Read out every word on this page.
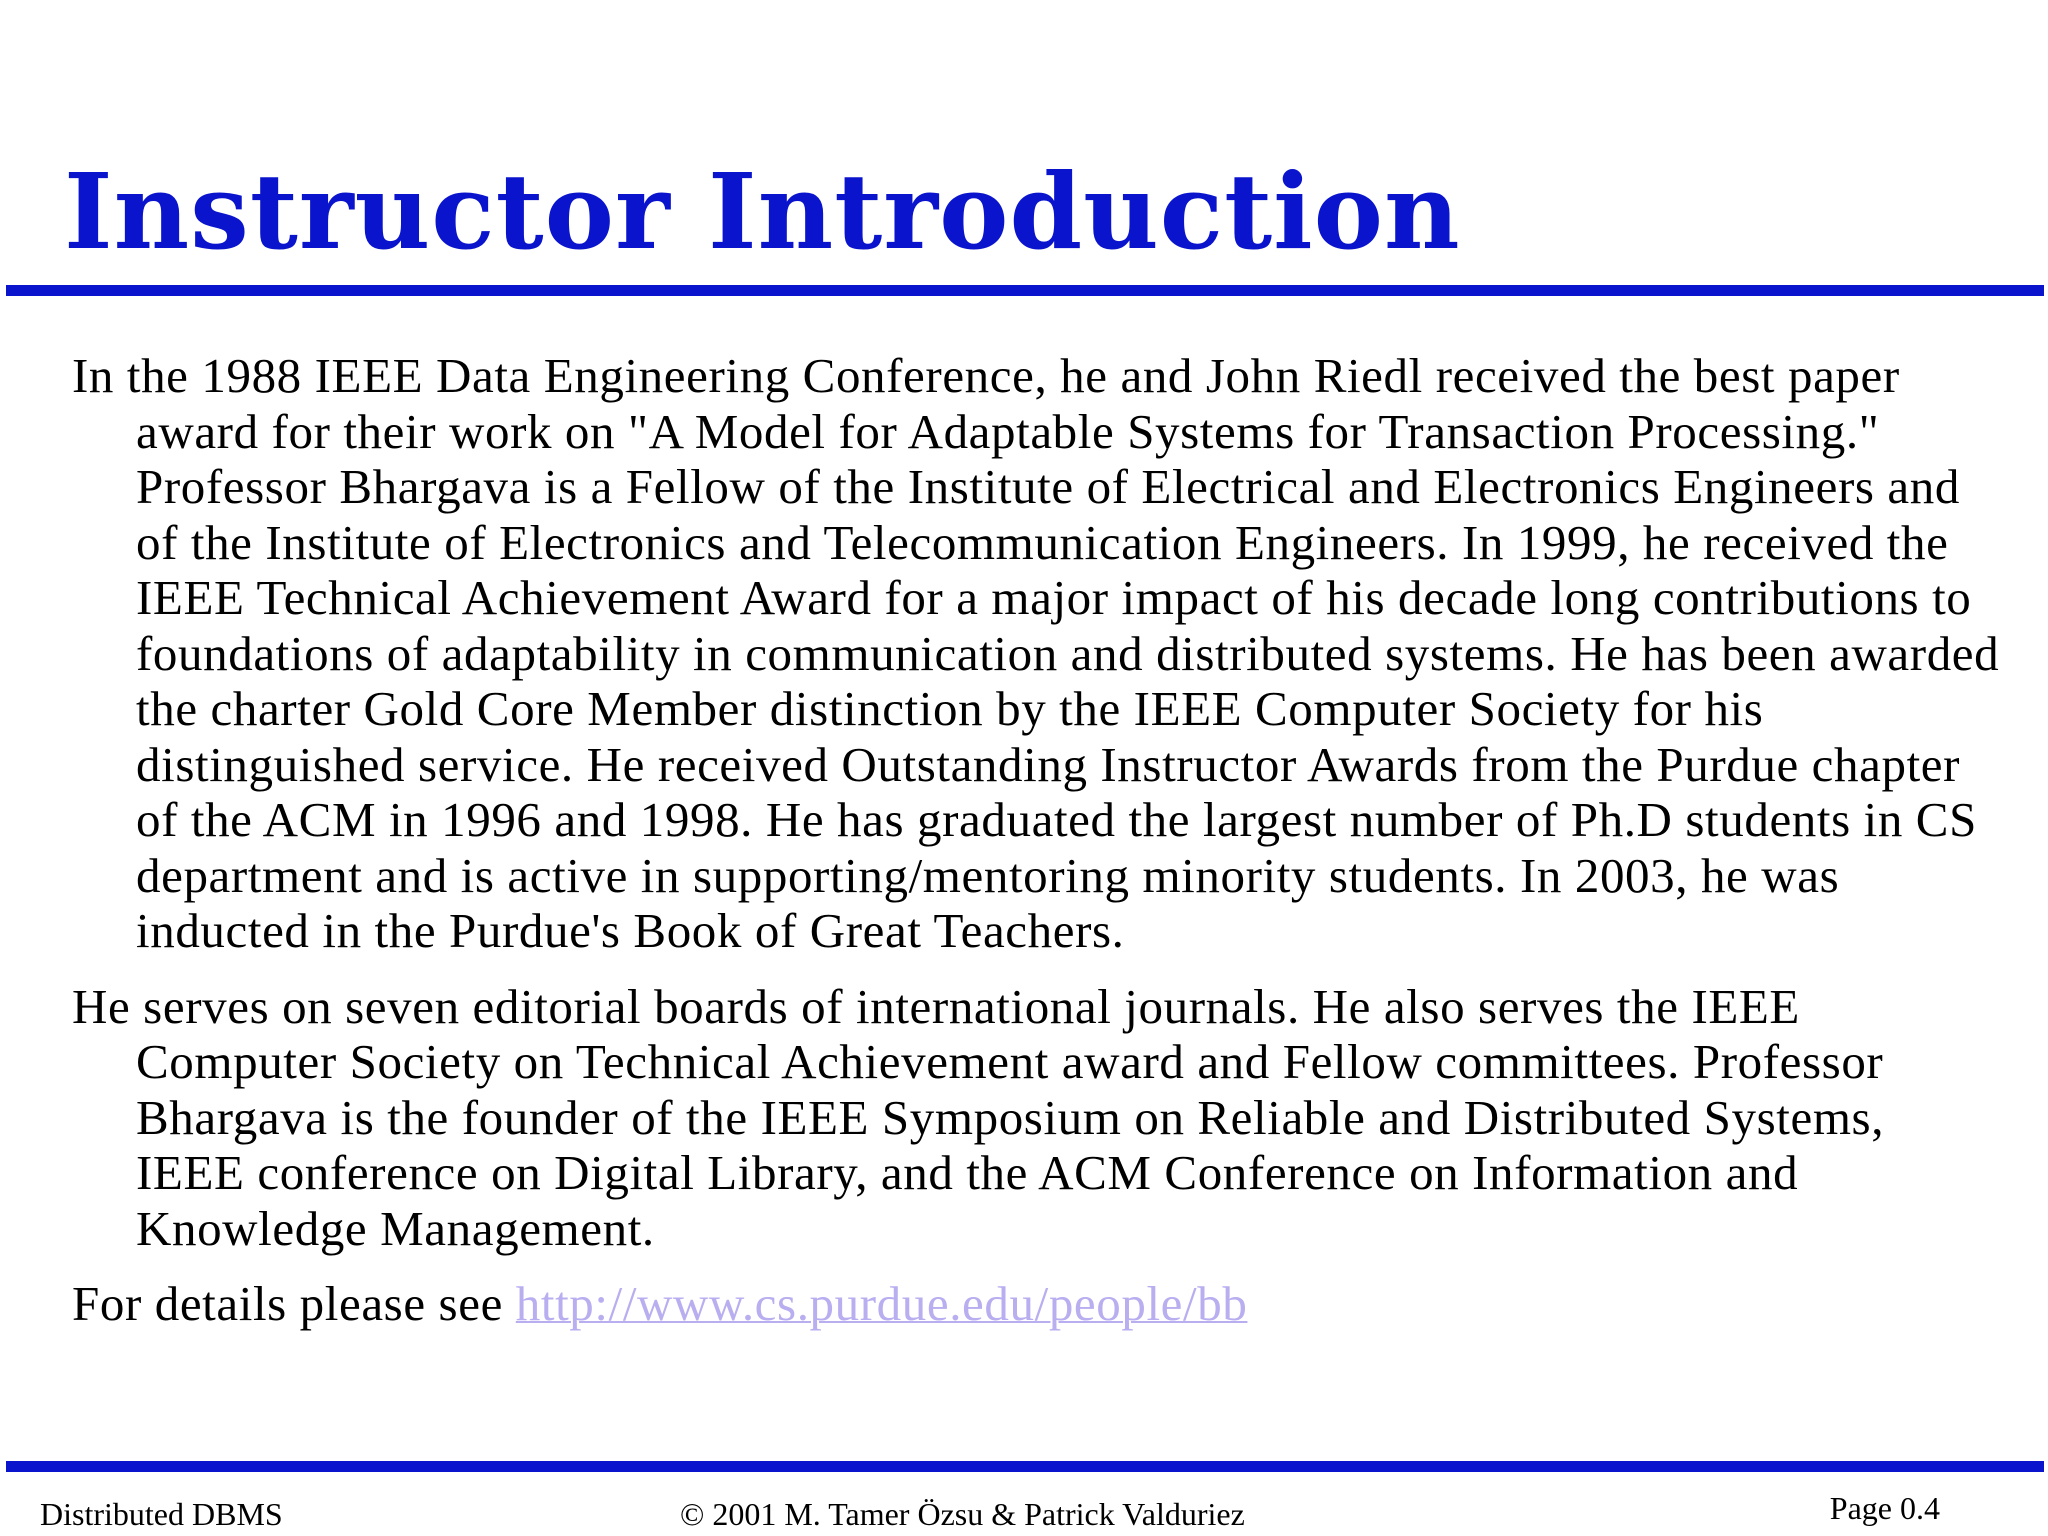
Instructor Introduction

In the 1988 IEEE Data Engineering Conference, he and John Riedl received the best paper award for their work on "A Model for Adaptable Systems for Transaction Processing." Professor Bhargava is a Fellow of the Institute of Electrical and Electronics Engineers and of the Institute of Electronics and Telecommunication Engineers. In 1999, he received the IEEE Technical Achievement Award for a major impact of his decade long contributions to foundations of adaptability in communication and distributed systems. He has been awarded the charter Gold Core Member distinction by the IEEE Computer Society for his distinguished service. He received Outstanding Instructor Awards from the Purdue chapter of the ACM in 1996 and 1998. He has graduated the largest number of Ph.D students in CS department and is active in supporting/mentoring minority students. In 2003, he was inducted in the Purdue's Book of Great Teachers.

He serves on seven editorial boards of international journals. He also serves the IEEE Computer Society on Technical Achievement award and Fellow committees. Professor Bhargava is the founder of the IEEE Symposium on Reliable and Distributed Systems, IEEE conference on Digital Library, and the ACM Conference on Information and Knowledge Management.

For details please see http://www.cs.purdue.edu/people/bb

Distributed DBMS	© 2001 M. Tamer Özsu & Patrick Valduriez	Page 0.4
